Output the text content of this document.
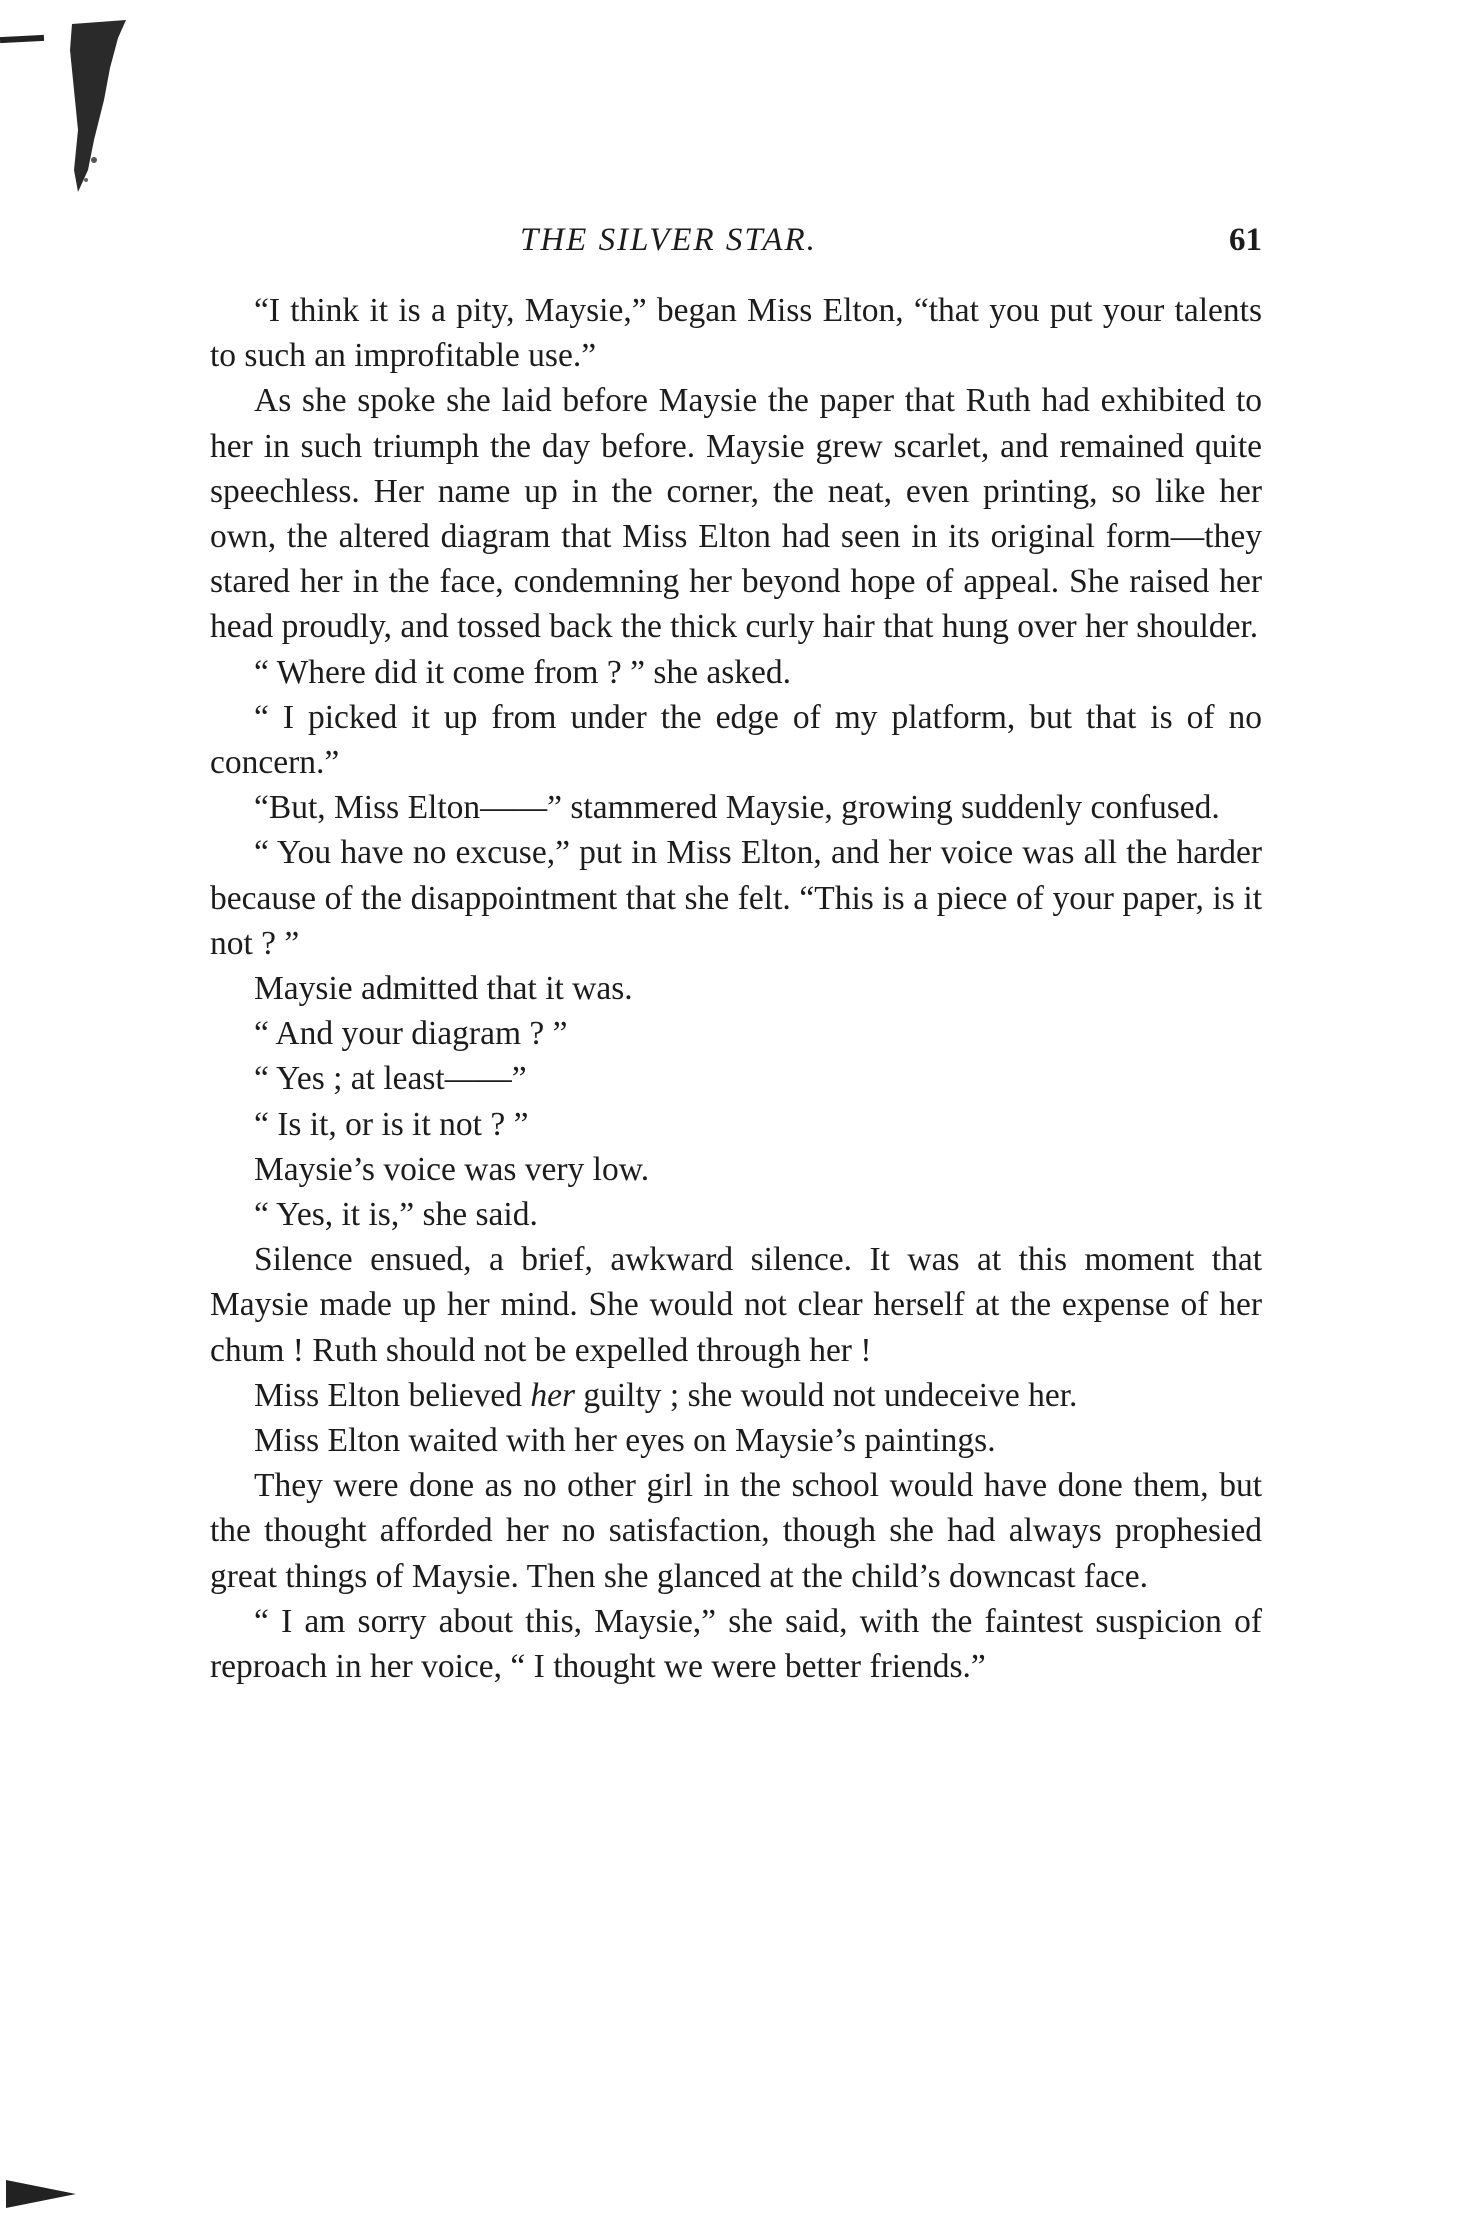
THE SILVER STAR.	61

“I think it is a pity, Maysie,” began Miss Elton, “that you put your talents to such an improfitable use.”

As she spoke she laid before Maysie the paper that Ruth had exhibited to her in such triumph the day before. Maysie grew scarlet, and remained quite speechless. Her name up in the corner, the neat, even printing, so like her own, the altered diagram that Miss Elton had seen in its original form—they stared her in the face, condemning her beyond hope of appeal. She raised her head proudly, and tossed back the thick curly hair that hung over her shoulder.

“ Where did it come from ? ” she asked.

“ I picked it up from under the edge of my platform, but that is of no concern.”

“But, Miss Elton——” stammered Maysie, growing suddenly confused.

“ You have no excuse,” put in Miss Elton, and her voice was all the harder because of the disappointment that she felt. “This is a piece of your paper, is it not ? ”

Maysie admitted that it was.

“ And your diagram ? ”

“ Yes ; at least——”

“ Is it, or is it not ? ”

Maysie’s voice was very low.

“ Yes, it is,” she said.

Silence ensued, a brief, awkward silence. It was at this moment that Maysie made up her mind. She would not clear herself at the expense of her chum ! Ruth should not be expelled through her !

Miss Elton believed her guilty ; she would not undeceive her.

Miss Elton waited with her eyes on Maysie’s paintings.

They were done as no other girl in the school would have done them, but the thought afforded her no satisfaction, though she had always prophesied great things of Maysie. Then she glanced at the child’s downcast face.

“ I am sorry about this, Maysie,” she said, with the faintest suspicion of reproach in her voice, “ I thought we were better friends.”
